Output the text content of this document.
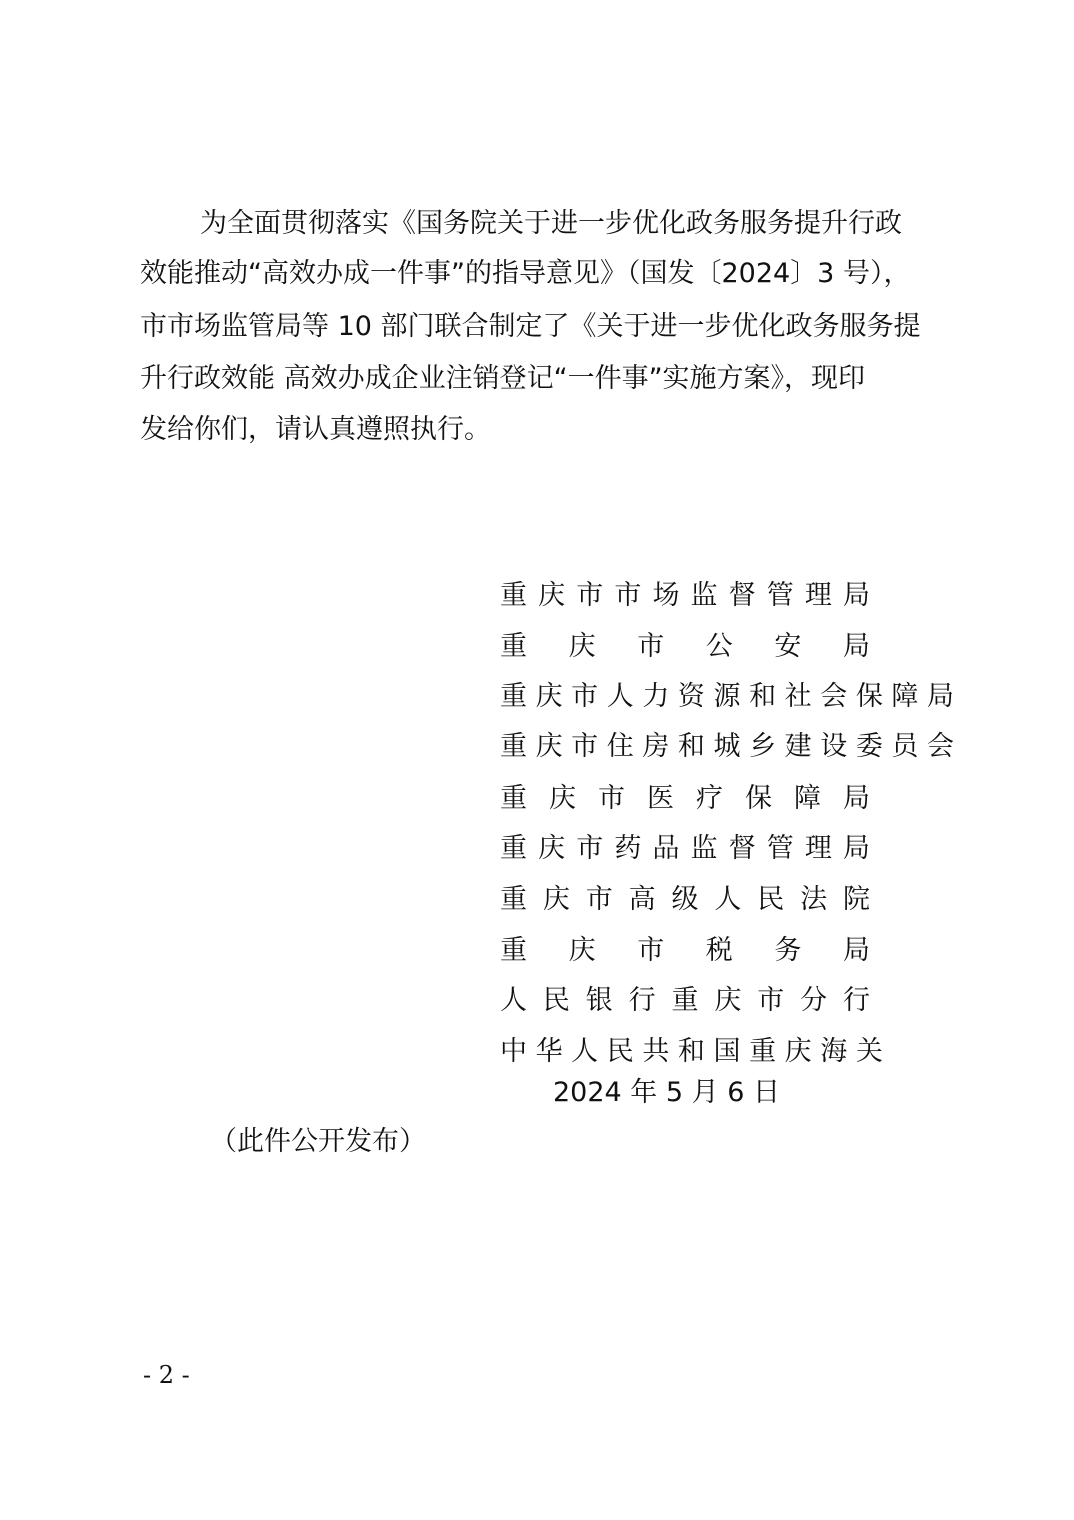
为全面贯彻落实《国务院关于进一步优化政务服务提升行政
效能推动“高效办成一件事”的指导意见》（国发〔2024〕3 号），
市市场监管局等 10 部门联合制定了《关于进一步优化政务服务提
升行政效能 高效办成企业注销登记“一件事”实施方案》，现印
发给你们，请认真遵照执行。
重 庆 市 市 场 监 督 管 理 局
重 庆 市 公 安 局
重 庆 市 人 力 资 源 和 社 会 保 障 局
重 庆 市 住 房 和 城 乡 建 设 委 员 会
重 庆 市 医 疗 保 障 局
重 庆 市 药 品 监 督 管 理 局
重 庆 市 高 级 人 民 法 院
重 庆 市 税 务 局
人 民 银 行 重 庆 市 分 行
中 华 人 民 共 和 国 重 庆 海 关
2024 年 5 月 6 日
（此件公开发布）
- 2 -
